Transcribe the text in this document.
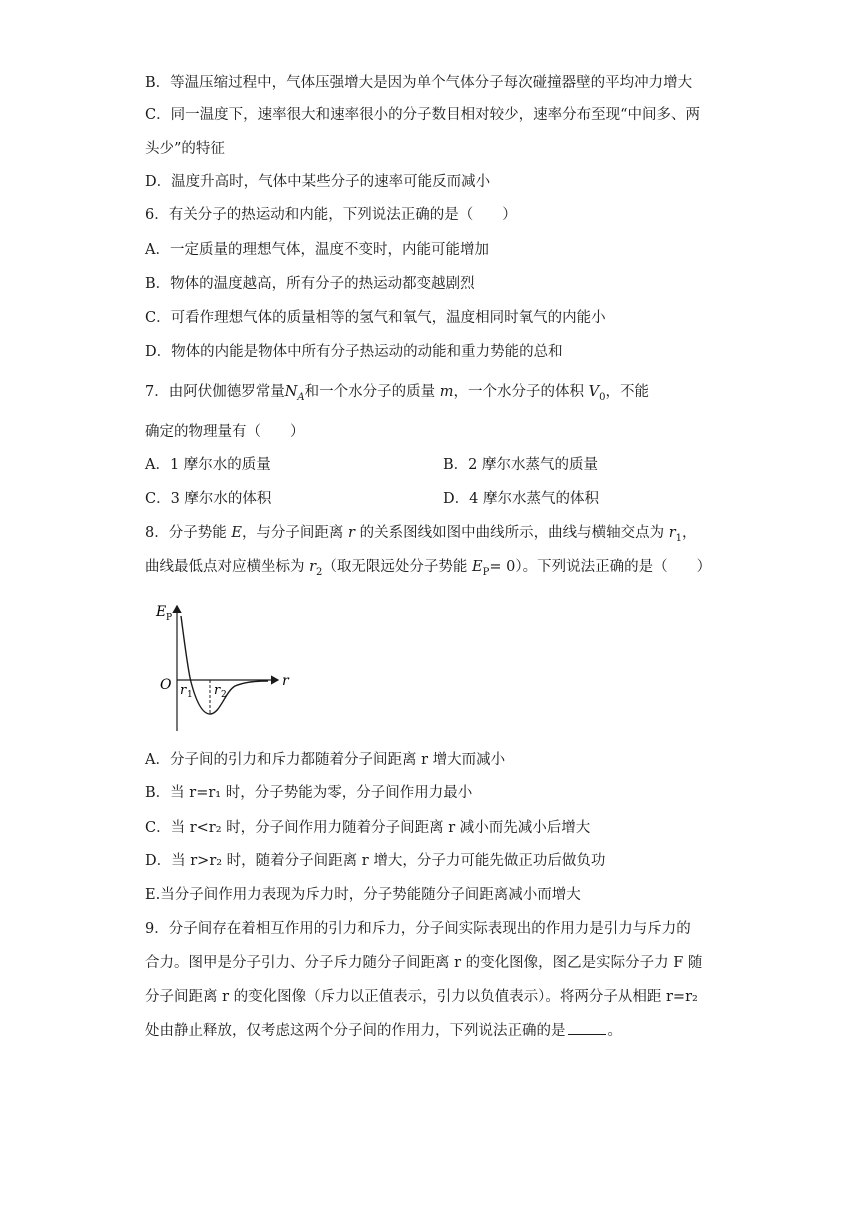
B．等温压缩过程中，气体压强增大是因为单个气体分子每次碰撞器壁的平均冲力增大
C．同一温度下，速率很大和速率很小的分子数目相对较少，速率分布至现“中间多、两
头少”的特征
D．温度升高时，气体中某些分子的速率可能反而减小
6．有关分子的热运动和内能，下列说法正确的是（　　）
A．一定质量的理想气体，温度不变时，内能可能增加
B．物体的温度越高，所有分子的热运动都变越剧烈
C．可看作理想气体的质量相等的氢气和氧气，温度相同时氧气的内能小
D．物体的内能是物体中所有分子热运动的动能和重力势能的总和
7．由阿伏伽德罗常量$N_A$和一个水分子的质量 m，一个水分子的体积 $V_0$，不能
确定的物理量有（　　）
A．1 摩尔水的质量	B．2 摩尔水蒸气的质量
C．3 摩尔水的体积	D．4 摩尔水蒸气的体积
8．分子势能 E，与分子间距离 r 的关系图线如图中曲线所示，曲线与横轴交点为 $r_1$，
曲线最低点对应横坐标为 $r_2$（取无限远处分子势能 $E_P= 0$）。下列说法正确的是（　　）
E P
r
O r 1 r 2
A．分子间的引力和斥力都随着分子间距离 r 增大而减小
B．当 r=r₁ 时，分子势能为零，分子间作用力最小
C．当 r<r₂ 时，分子间作用力随着分子间距离 r 减小而先减小后增大
D．当 r>r₂ 时，随着分子间距离 r 增大，分子力可能先做正功后做负功
E.当分子间作用力表现为斥力时，分子势能随分子间距离减小而增大
9．分子间存在着相互作用的引力和斥力，分子间实际表现出的作用力是引力与斥力的
合力。图甲是分子引力、分子斥力随分子间距离 r 的变化图像，图乙是实际分子力 F 随
分子间距离 r 的变化图像（斥力以正值表示，引力以负值表示）。将两分子从相距 r=r₂
处由静止释放，仅考虑这两个分子间的作用力，下列说法正确的是	。
